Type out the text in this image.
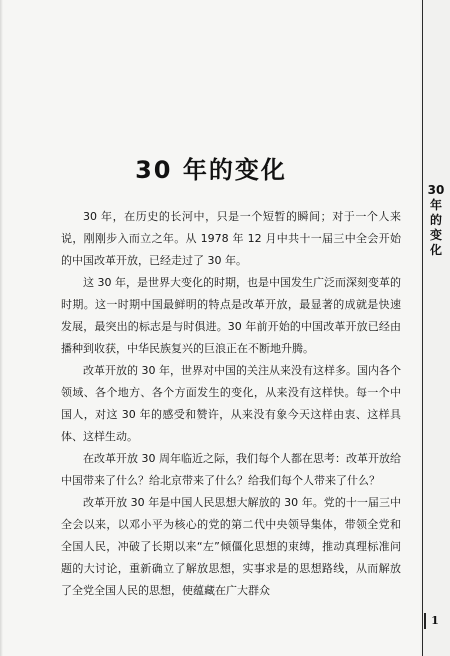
30
年
的
变
化
1
30 年的变化

30 年，在历史的长河中，只是一个短暂的瞬间；对于一个人来说，刚刚步入而立之年。从 1978 年 12 月中共十一届三中全会开始的中国改革开放，已经走过了 30 年。

这 30 年，是世界大变化的时期，也是中国发生广泛而深刻变革的时期。这一时期中国最鲜明的特点是改革开放，最显著的成就是快速发展，最突出的标志是与时俱进。30 年前开始的中国改革开放已经由播种到收获，中华民族复兴的巨浪正在不断地升腾。

改革开放的 30 年，世界对中国的关注从来没有这样多。国内各个领域、各个地方、各个方面发生的变化，从来没有这样快。每一个中国人，对这 30 年的感受和赞许，从来没有象今天这样由衷、这样具体、这样生动。

在改革开放 30 周年临近之际，我们每个人都在思考：改革开放给中国带来了什么？给北京带来了什么？给我们每个人带来了什么？

改革开放 30 年是中国人民思想大解放的 30 年。党的十一届三中全会以来，以邓小平为核心的党的第二代中央领导集体，带领全党和全国人民，冲破了长期以来“左”倾僵化思想的束缚，推动真理标准问题的大讨论，重新确立了解放思想，实事求是的思想路线，从而解放了全党全国人民的思想，使蕴藏在广大群众
